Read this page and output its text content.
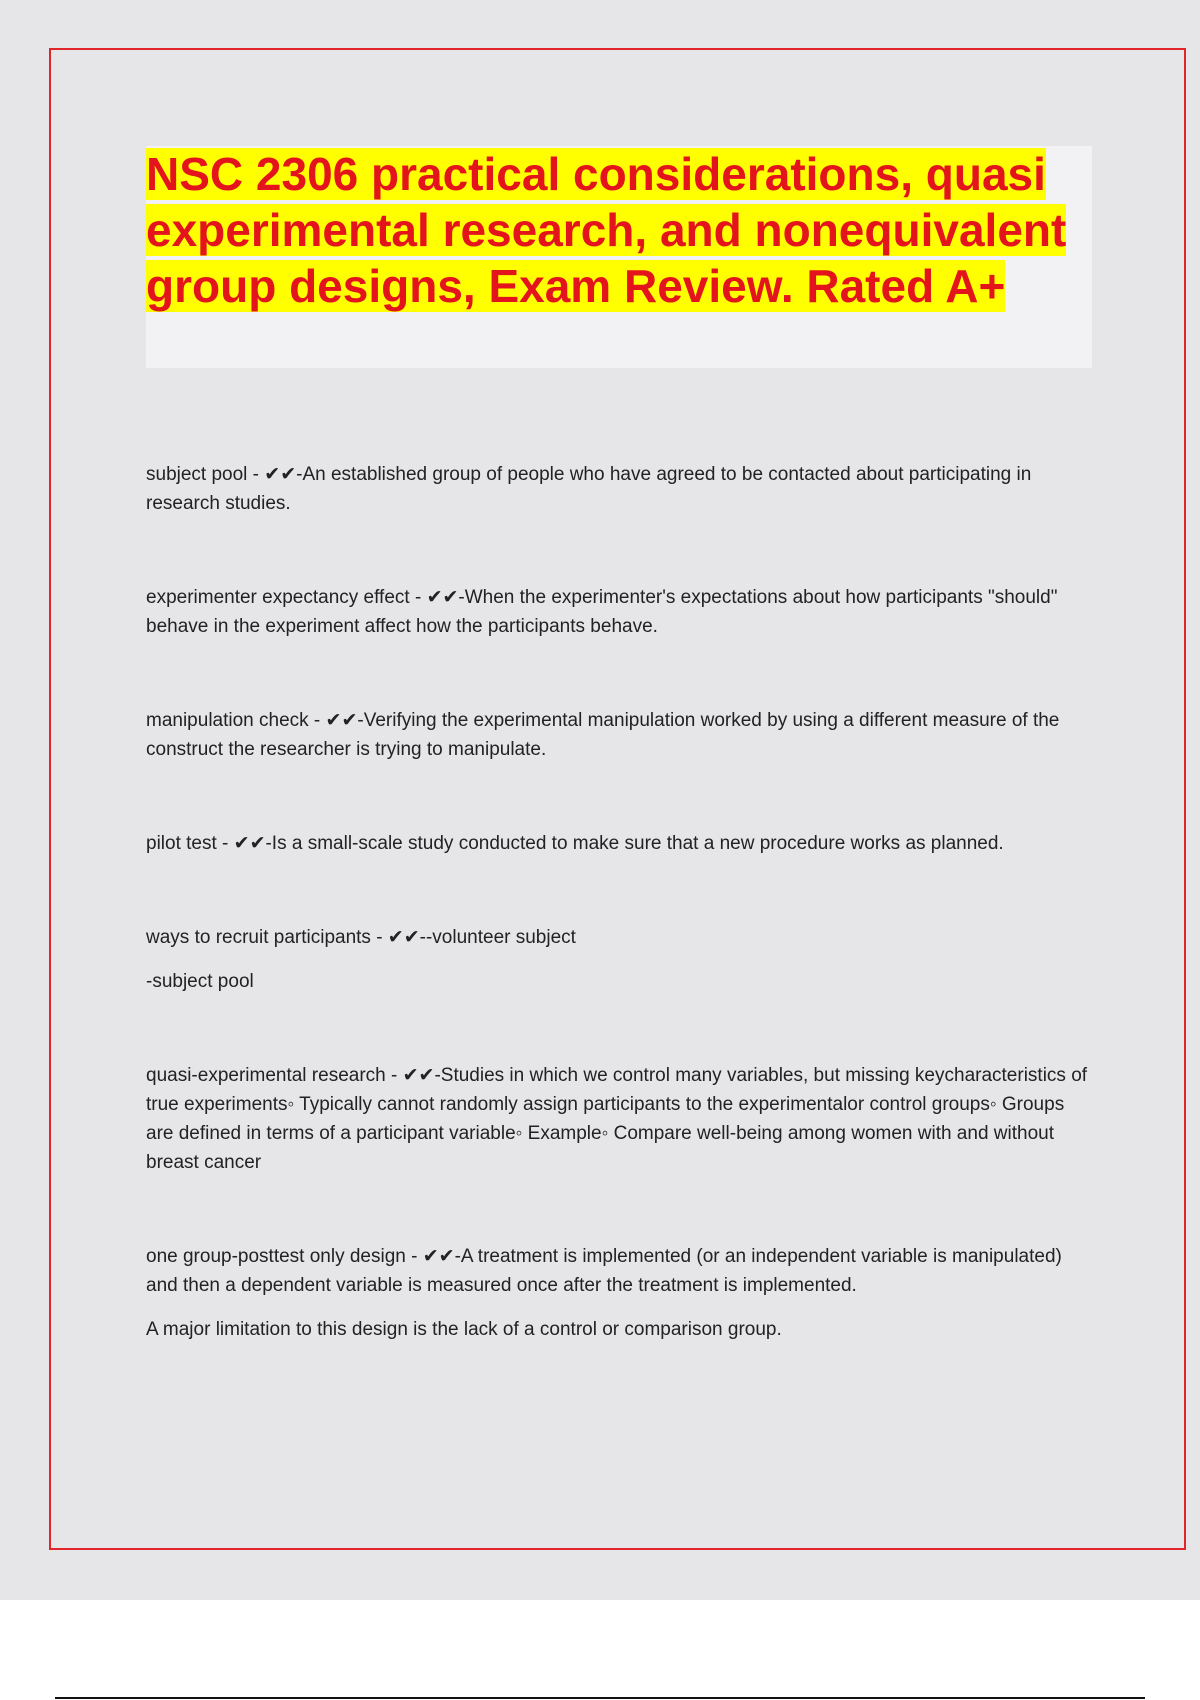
NSC 2306 practical considerations, quasi experimental research, and nonequivalent group designs, Exam Review. Rated A+

subject pool - ✔✔-An established group of people who have agreed to be contacted about participating in research studies.

experimenter expectancy effect - ✔✔-When the experimenter's expectations about how participants "should" behave in the experiment affect how the participants behave.

manipulation check - ✔✔-Verifying the experimental manipulation worked by using a different measure of the construct the researcher is trying to manipulate.

pilot test - ✔✔-Is a small-scale study conducted to make sure that a new procedure works as planned.

ways to recruit participants - ✔✔--volunteer subject

-subject pool

quasi-experimental research - ✔✔-Studies in which we control many variables, but missing keycharacteristics of true experiments◦ Typically cannot randomly assign participants to the experimentalor control groups◦ Groups are defined in terms of a participant variable◦ Example◦ Compare well-being among women with and without breast cancer

one group-posttest only design - ✔✔-A treatment is implemented (or an independent variable is manipulated) and then a dependent variable is measured once after the treatment is implemented.

A major limitation to this design is the lack of a control or comparison group.
